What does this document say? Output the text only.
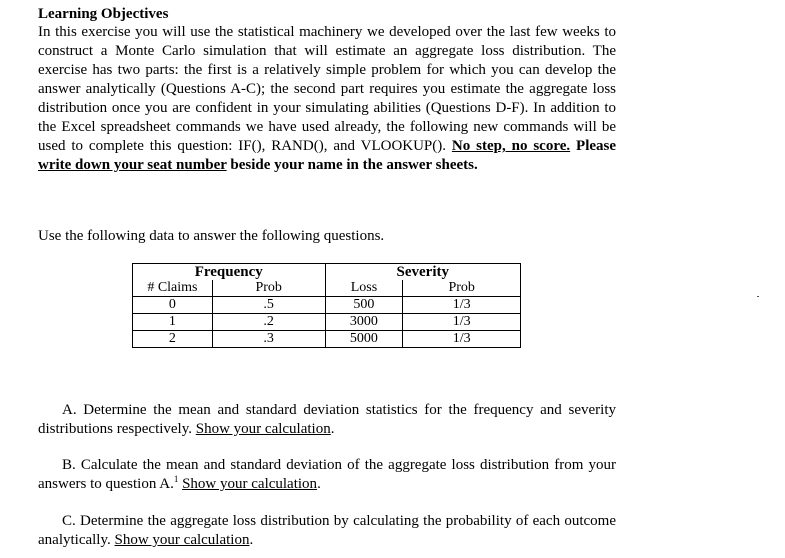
Learning Objectives
In this exercise you will use the statistical machinery we developed over the last few weeks to construct a Monte Carlo simulation that will estimate an aggregate loss distribution. The exercise has two parts: the first is a relatively simple problem for which you can develop the answer analytically (Questions A-C); the second part requires you estimate the aggregate loss distribution once you are confident in your simulating abilities (Questions D-F). In addition to the Excel spreadsheet commands we have used already, the following new commands will be used to complete this question: IF(), RAND(), and VLOOKUP(). No step, no score. Please write down your seat number beside your name in the answer sheets.
Use the following data to answer the following questions.
Frequency		Severity	
# Claims	Prob	Loss	Prob
0	.5	500	1/3
1	.2	3000	1/3
2	.3	5000	1/3
A. Determine the mean and standard deviation statistics for the frequency and severity distributions respectively. Show your calculation.
B. Calculate the mean and standard deviation of the aggregate loss distribution from your answers to question A.$^1$ Show your calculation.
C. Determine the aggregate loss distribution by calculating the probability of each outcome analytically. Show your calculation.
